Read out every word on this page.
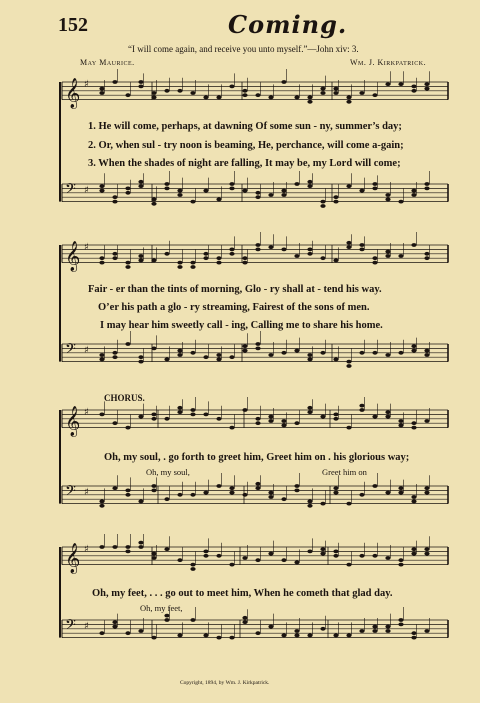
𝄞 ♯
𝄢 ♯
𝄞 ♯
𝄢 ♯
𝄞 ♯
𝄢 ♯
𝄞 ♯
𝄢 ♯
152	Coming.
“I will come again, and receive you unto myself.”—John xiv: 3.
May Maurice.	Wm. J. Kirkpatrick.
1. He will come, perhaps, at dawning Of some sun - ny, summer’s day;
2. Or, when sul - try noon is beaming, He, perchance, will come a-gain;
3. When the shades of night are falling, It may be, my Lord will come;
Fair - er than the tints of morning, Glo - ry shall at - tend his way.
O’er his path a glo - ry streaming, Fairest of the sons of men.
I may hear him sweetly call - ing, Calling me to share his home.
CHORUS.
Oh, my soul, . go forth to greet him, Greet him on . his glorious way;
Oh, my soul,	Greet him on
Oh, my feet, . . . go out to meet him, When he cometh that glad day.
Oh, my feet,
Copyright, 1894, by Wm. J. Kirkpatrick.
